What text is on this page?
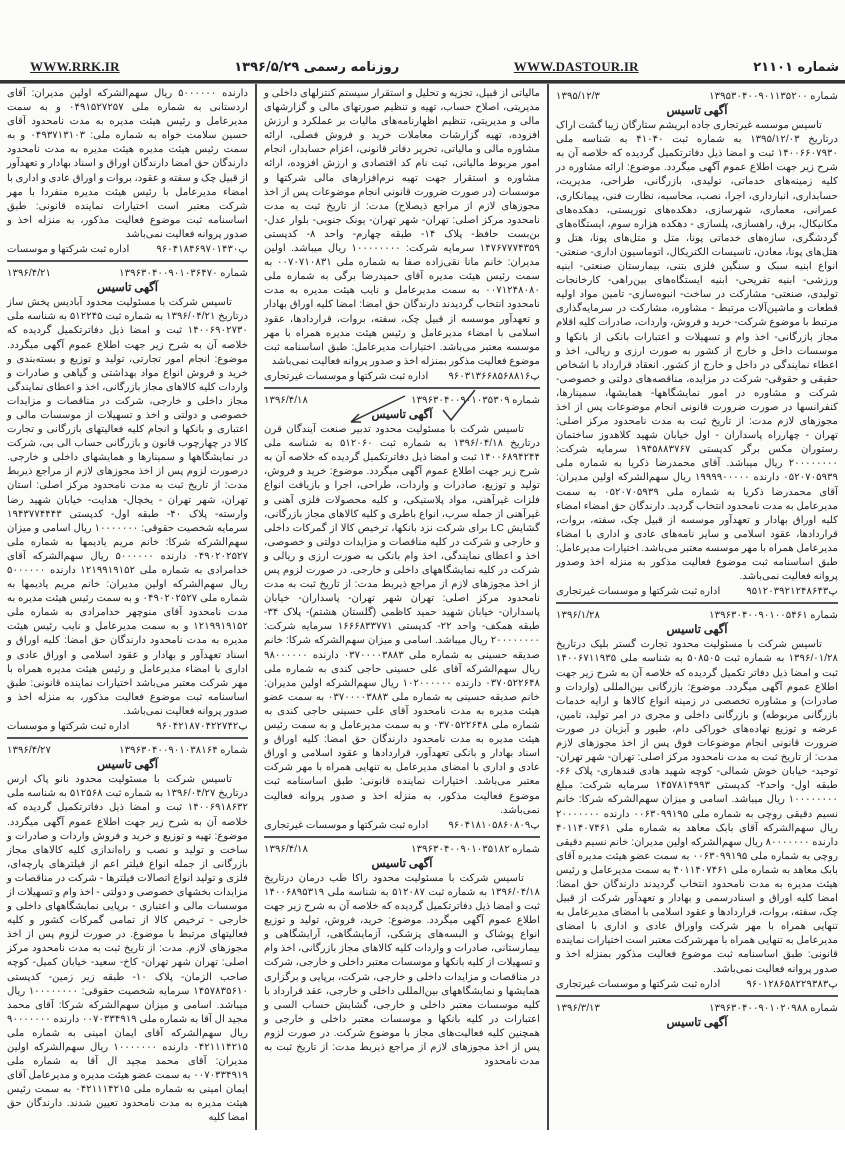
شماره ۲۱۱۰۱
WWW.DASTOUR.IR
روزنامه رسمی ۱۳۹۶/۵/۲۹
WWW.RRK.IR
شماره ۱۳۹۵۳۰۴۰۰۹۰۱۱۳۵۲۰۰
۱۳۹۵/۱۲/۳
آگهی تاسیس
تاسیس موسسه غیرتجاری جاده ابریشم ستارگان زیبا گشت اراک درتاریخ ۱۳۹۵/۱۲/۰۳ به شماره ثبت ۴۱۰۴۰ به شناسه ملی ۱۴۰۰۶۶۰۷۹۳۰ ثبت و امضا ذیل دفاترتکمیل گردیده که خلاصه آن به شرح زیر جهت اطلاع عموم آگهی میگردد. موضوع: ارائه مشاوره در کلیه زمینه‌های خدماتی، تولیدی، بازرگانی، طراحی، مدیریت، حسابداری، انبارداری، اجرا، نصب، محاسبه، نظارت فنی، پیمانکاری، عمرانی، معماری، شهرسازی، دهکده‌های توریستی، دهکده‌های مکانیکال، برق، راهسازی، پلسازی - دهکده هزاره سوم، ایستگاه‌های گردشگری، سازه‌های خدماتی پونا، متل و متل‌های پونا، هتل و هتل‌های پونا، معادن، تاسیسات الکتریکال، اتوماسیون اداری- صنعتی- انواع ابنیه سبک و سنگین فلزی بتنی، بیمارستان صنعتی- ابنیه ورزشی- ابنیه تفریحی- ابنیه ایستگاه‌های بین‌راهی- کارخانجات تولیدی، صنعتی- مشارکت در ساخت- انبوه‌سازی- تامین مواد اولیه قطعات و ماشین‌آلات مرتبط - مشاوره، مشارکت در سرمایه‌گذاری مرتبط با موضوع شرکت- خرید و فروش، واردات، صادرات کلیه اقلام مجاز بازرگانی- اخذ وام و تسهیلات و اعتبارات بانکی از بانکها و موسسات داخل و خارج از کشور به صورت ارزی و ریالی، اخذ و اعطاء نمایندگی در داخل و خارج از کشور. انعقاد قرارداد با اشخاص حقیقی و حقوقی- شرکت در مزایده، مناقصه‌های دولتی و خصوصی- شرکت و مشاوره در امور نمایشگاهها- همایشها، سمینارها، کنفرانسها در صورت ضرورت قانونی انجام موضوعات پس از اخذ مجوزهای لازم مدت: از تاریخ ثبت به مدت نامحدود مرکز اصلی: تهران - چهارراه پاسداران - اول خیابان شهید کلاهدوز ساختمان رستوران مکس برگر کدپستی ۱۹۴۵۸۸۳۷۶۷ سرمایه شرکت: ۲۰۰۰۰۰۰۰۰ ریال میباشد. آقای محمدرضا ذکریا به شماره ملی ۰۵۲۰۷۰۵۹۳۹ دارنده ۱۹۹۹۹۰۰۰۰۰ ریال سهم‌الشرکه اولین مدیران: آقای محمدرضا ذکریا به شماره ملی ۰۵۲۰۷۰۵۹۳۹ به سمت مدیرعامل به مدت نامحدود انتخاب گردید. دارندگان حق امضاء امضاء کلیه اوراق بهادار و تعهدآور موسسه از قبیل چک، سفته، بروات، قراردادها، عقود اسلامی و سایر نامه‌های عادی و اداری با امضاء مدیرعامل همراه با مهر موسسه معتبر می‌باشد. اختیارات مدیرعامل: طبق اساسنامه ثبت موضوع فعالیت مذکور به منزله اخذ وصدور پروانه فعالیت نمی‌باشد.
پ۹۵۱۲۰۳۹۲۱۲۴۸۶۴۳
اداره ثبت شرکتها و موسسات غیرتجاری
شماره ۱۳۹۶۳۰۴۰۰۹۰۱۰۰۵۴۶۱
۱۳۹۶/۱/۲۸
آگهی تاسیس
تاسیس شرکت با مسئولیت محدود تجارت گستر بلیک درتاریخ ۱۳۹۶/۰۱/۲۸ به شماره ثبت ۵۰۸۵۰۵ به شناسه ملی ۱۴۰۰۶۷۱۱۹۳۵ ثبت و امضا ذیل دفاتر تکمیل گردیده که خلاصه آن به شرح زیر جهت اطلاع عموم آگهی میگردد. موضوع: بازرگانی بین‌المللی (واردات و صادرات) و مشاوره تخصصی در زمینه انواع کالاها و ارایه خدمات بازرگانی مربوطه) و بازرگانی داخلی و مجری در امر تولید، تامین، عرضه و توزیع نهاده‌های خوراکی دام، طیور و آبزیان در صورت ضرورت قانونی انجام موضوعات فوق پس از اخذ مجوزهای لازم مدت: از تاریخ ثبت به مدت نامحدود مرکز اصلی: تهران- شهر تهران- توحید- خیابان خوش شمالی- کوچه شهید هادی قندهاری- پلاک ۶۶- طبقه اول- واحد۲- کدپستی ۱۴۵۷۸۱۴۹۹۳ سرمایه شرکت: مبلغ ۱۰۰۰۰۰۰۰۰ ریال میباشد. اسامی و میزان سهم‌الشرکه شرکا: خانم نسیم دقیقی روچی به شماره ملی ۰۰۶۳۰۹۹۱۹۵ دارنده ۲۰۰۰۰۰۰۰ ریال سهم‌الشرکه آقای بابک معاهد به شماره ملی ۴۰۱۱۴۰۷۴۶۱ دارنده ۸۰۰۰۰۰۰۰ ریال سهم‌الشرکه اولین مدیران: خانم نسیم دقیقی روچی به شماره ملی ۰۰۶۳۰۹۹۱۹۵ به سمت عضو هیئت مدیره آقای بابک معاهد به شماره ملی ۴۰۱۱۴۰۷۴۶۱ به سمت مدیرعامل و رئیس هیئت مدیره به مدت نامحدود انتخاب گردیدند دارندگان حق امضا: امضا کلیه اوراق و اسنادرسمی و بهادار و تعهدآور شرکت از قبیل چک، سفته، بروات، قراردادها و عقود اسلامی با امضای مدیرعامل به تنهایی همراه با مهر شرکت واوراق عادی و اداری با امضای مدیرعامل به تنهایی همراه با مهرشرکت معتبر است اختیارات نماینده قانونی: طبق اساسنامه ثبت موضوع فعالیت مذکور بمنزله اخذ و صدور پروانه فعالیت نمی‌باشد.
پ۹۶۰۱۲۸۶۵۸۲۲۹۳۸۳
اداره ثبت شرکتها و موسسات غیرتجاری
شماره ۱۳۹۶۳۰۴۰۰۹۰۱۰۲۰۹۸۸
۱۳۹۶/۳/۱۳
آگهی تاسیس
مالیاتی از قبیل، تجزیه و تحلیل و استقرار سیستم کنترلهای داخلی و مدیریتی، اصلاح حساب، تهیه و تنظیم صورتهای مالی و گزارشهای مالی و مدیریتی، تنظیم اظهارنامه‌های مالیات بر عملکرد و ارزش افزوده، تهیه گزارشات معاملات خرید و فروش فصلی، ارائه مشاوره مالی و مالیاتی، تحریر دفاتر قانونی، اعزام حسابدار، انجام امور مربوط مالیاتی، ثبت نام کد اقتصادی و ارزش افزوده، ارائه مشاوره و استقرار جهت تهیه نرم‌افزارهای مالی شرکتها و موسسات (در صورت ضرورت قانونی انجام موضوعات پس از اخذ مجوزهای لازم از مراجع ذیصلاح) مدت: از تاریخ ثبت به مدت نامحدود مرکز اصلی: تهران- شهر تهران- یونک جنوبی- بلوار عدل- بن‌بست حافظ- پلاک ۱۴- طبقه چهارم- واحد ۸- کدپستی ۱۴۷۶۷۷۷۴۳۵۹ سرمایه شرکت: ۱۰۰۰۰۰۰۰۰ ریال میباشد. اولین مدیران: خانم مانا نقی‌زاده صفا به شماره ملی ۰۰۷۰۷۱۰۸۳۱ به سمت رئیس هیئت مدیره آقای حمیدرضا برگی به شماره ملی ۰۰۷۱۲۴۸۰۸۰ به سمت مدیرعامل و نایب هیئت مدیره به مدت نامحدود انتخاب گردیدند دارندگان حق امضا: امضا کلیه اوراق بهادار و تعهدآور موسسه از قبیل چک، سفته، بروات، قراردادها، عقود اسلامی با امضاء مدیرعامل و رئیس هیئت مدیره همراه با مهر موسسه معتبر می‌باشد. اختیارات مدیرعامل: طبق اساسنامه ثبت موضوع فعالیت مذکور بمنزله اخذ و صدور پروانه فعالیت نمی‌باشد
پ۹۶۰۳۱۳۶۶۸۵۶۸۸۱۶
اداره ثبت شرکتها و موسسات غیرتجاری
شماره ۱۳۹۶۳۰۴۰۰۹۰۱۰۳۵۳۰۹
۱۳۹۶/۴/۱۸
آگهی تاسیس
تاسیس شرکت با مسئولیت محدود تدبیر صنعت آیندگان قرن درتاریخ ۱۳۹۶/۰۴/۱۸ به شماره ثبت ۵۱۲۰۶۰ به شناسه ملی ۱۴۰۰۶۸۹۴۲۴۴ ثبت و امضا ذیل دفاترتکمیل گردیده که خلاصه آن به شرح زیر جهت اطلاع عموم آگهی میگردد. موضوع: خرید و فروش، تولید و توزیع، صادرات و واردات، طراحی، اجرا و بازیافت انواع فلزات غیرآهنی، مواد پلاستیکی، و کلیه محصولات فلزی آهنی و غیرآهنی از جمله سرب، انواع باطری و کلیه کالاهای مجاز بازرگانی، گشایش LC برای شرکت نزد بانکها، ترخیص کالا از گمرکات داخلی و خارجی و شرکت در کلیه مناقصات و مزایدات دولتی و خصوصی، اخذ و اعطای نمایندگی، اخذ وام بانکی به صورت ارزی و ریالی و شرکت در کلیه نمایشگاههای داخلی و خارجی. در صورت لزوم پس از اخذ مجوزهای لازم از مراجع ذیربط مدت: از تاریخ ثبت به مدت نامحدود مرکز اصلی: تهران شهر تهران- پاسداران- خیابان پاسداران- خیابان شهید حمید کاظمی (گلستان هشتم)- پلاک ۳۴- طبقه همکف- واحد ۲۲- کدپستی ۱۶۶۶۸۳۳۷۷۱ سرمایه شرکت: ۲۰۰۰۰۰۰۰۰ ریال میباشد. اسامی و میزان سهم‌الشرکه شرکا: خانم صدیقه حسینی به شماره ملی ۰۳۷۰۰۰۰۳۸۸۳ دارنده ۹۸۰۰۰۰۰۰ ریال سهم‌الشرکه آقای علی حسینی حاجی کندی به شماره ملی ۰۳۷۰۵۲۲۶۴۸ دارنده ۱۰۲۰۰۰۰۰۰ ریال سهم‌الشرکه اولین مدیران: خانم صدیقه حسینی به شماره ملی ۰۳۷۰۰۰۰۳۸۸۳ به سمت عضو هیئت مدیره به مدت نامحدود آقای علی حسینی حاجی کندی به شماره ملی ۰۳۷۰۵۲۲۶۴۸ و به سمت مدیرعامل و به سمت رئیس هیئت مدیره به مدت نامحدود دارندگان حق امضا: کلیه اوراق و اسناد بهادار و بانکی تعهدآور، قراردادها و عقود اسلامی و اوراق عادی و اداری با امضای مدیرعامل به تنهایی همراه با مهر شرکت معتبر می‌باشد. اختیارات نماینده قانونی: طبق اساسنامه ثبت موضوع فعالیت مذکور، به منزله اخذ و صدور پروانه فعالیت نمی‌باشد.
پ۹۶۰۴۱۸۱۰۵۸۶۰۸۰۹
اداره ثبت شرکتها و موسسات غیرتجاری
شماره ۱۳۹۶۳۰۴۰۰۹۰۱۰۳۵۱۸۲
۱۳۹۶/۴/۱۸
آگهی تاسیس
تاسیس شرکت با مسئولیت محدود راکا طب درمان درتاریخ ۱۳۹۶/۰۴/۱۸ به شماره ثبت ۵۱۲۰۸۷ به شناسه ملی ۱۴۰۰۶۸۹۵۳۱۹ ثبت و امضا ذیل دفاترتکمیل گردیده که خلاصه آن به شرح زیر جهت اطلاع عموم آگهی میگردد. موضوع: خرید، فروش، تولید و توزیع انواع پوشاک و البسه‌های پزشکی، آزمایشگاهی، آرایشگاهی و بیمارستانی، صادرات و واردات کلیه کالاهای مجاز بازرگانی، اخذ وام و تسهیلات از کلیه بانکها و موسسات معتبر داخلی و خارجی، شرکت در مناقصات و مزایدات داخلی و خارجی، شرکت، برپایی و برگزاری همایشها و نمایشگاههای بین‌المللی داخلی و خارجی، عقد قرارداد با کلیه موسسات معتبر داخلی و خارجی، گشایش حساب السی و اعتبارات در کلیه بانکها و موسسات معتبر داخلی و خارجی و همچنین کلیه فعالیت‌های مجاز با موضوع شرکت. در صورت لزوم پس از اخذ مجوزهای لازم از مراجع ذیربط مدت: از تاریخ ثبت به مدت نامحدود
دارنده ۵۰۰۰۰۰۰ ریال سهم‌الشرکه اولین مدیران: آقای اردستانی به شماره ملی ۰۴۹۱۵۲۷۲۵۷ و به سمت مدیرعامل و رئیس هیئت مدیره به مدت نامحدود آقای حسین سلامت خواه به شماره ملی: ۰۴۹۳۷۱۳۱۰۳ و به سمت رئیس هیئت مدیره هیئت مدیره به مدت نامحدود دارندگان حق امضا دارندگان اوراق و اسناد بهادار و تعهدآور از قبیل چک و سفته و عقود، بروات و اوراق عادی و اداری با امضاء مدیرعامل با رئیس هیئت مدیره منفردا با مهر شرکت معتبر است اختیارات نماینده قانونی: طبق اساسنامه ثبت موضوع فعالیت مذکور، به منزله اخذ و صدور پروانه فعالیت نمی‌باشد
پ۹۶۰۴۱۸۴۶۹۷۰۱۴۳۰
اداره ثبت شرکتها و موسسات
شماره ۱۳۹۶۳۰۴۰۰۹۰۱۰۳۶۴۷۰
۱۳۹۶/۴/۲۱
آگهی تاسیس
تاسیس شرکت با مسئولیت محدود آبادیس پخش ساز درتاریخ ۱۳۹۶/۰۴/۲۱ به شماره ثبت ۵۱۲۲۴۵ به شناسه ملی ۱۴۰۰۶۹۰۲۷۳۰ ثبت و امضا ذیل دفاترتکمیل گردیده که خلاصه آن به شرح زیر جهت اطلاع عموم آگهی میگردد. موضوع: انجام امور تجارتی، تولید و توزیع و بسته‌بندی و خرید و فروش انواع مواد بهداشتی و گیاهی و صادرات و واردات کلیه کالاهای مجاز بازرگانی، اخذ و اعطای نمایندگی مجاز داخلی و خارجی، شرکت در مناقصات و مزایدات خصوصی و دولتی و اخذ و تسهیلات از موسسات مالی و اعتباری و بانکها و انجام کلیه فعالیتهای بازرگانی و تجارت کالا در چهارچوب قانون و بازرگانی حساب الی بی، شرکت در نمایشگاهها و سمینارها و همایشهای داخلی و خارجی. درصورت لزوم پس از اخذ مجوزهای لازم از مراجع ذیربط مدت: از تاریخ ثبت به مدت نامحدود مرکز اصلی: استان تهران، شهر تهران - یخچال- هدایت- خیابان شهید رضا وارسته- پلاک ۴۰- طبقه اول- کدپستی ۱۹۴۳۷۷۴۴۴۳ سرمایه شخصیت حقوقی: ۱۰۰۰۰۰۰۰ ریال اسامی و میزان سهم‌الشرکه شرکا: خانم مریم یادیمها به شماره ملی ۰۴۹۰۲۰۲۵۲۷ دارنده ۵۰۰۰۰۰۰ ریال سهم‌الشرکه آقای خدامرادی به شماره ملی ۱۲۱۹۹۱۹۱۵۲ دارنده ۵۰۰۰۰۰۰ ریال سهم‌الشرکه اولین مدیران: خانم مریم یادیمها به شماره ملی ۰۴۹۰۲۰۲۵۲۷ و به سمت رئیس هیئت مدیره به مدت نامحدود آقای منوچهر خدامرادی به شماره ملی ۱۲۱۹۹۱۹۱۵۲ و به سمت مدیرعامل و نایب رئیس هیئت مدیره به مدت نامحدود دارندگان حق امضا: کلیه اوراق و اسناد تعهدآور و بهادار و عقود اسلامی و اوراق عادی و اداری با امضاء مدیرعامل و رئیس هیئت مدیره همراه با مهر شرکت معتبر می‌باشد اختیارات نماینده قانونی: طبق اساسنامه ثبت موضوع فعالیت مذکور، به منزله اخذ و صدور پروانه فعالیت نمی‌باشد.
پ۹۶۰۴۲۱۸۷۰۴۲۲۷۴۲
اداره ثبت شرکتها و موسسات
شماره ۱۳۹۶۳۰۴۰۰۹۰۱۰۳۸۱۶۴
۱۳۹۶/۴/۲۷
آگهی تاسیس
تاسیس شرکت با مسئولیت محدود نانو پاک ارس درتاریخ ۱۳۹۶/۰۴/۲۷ به شماره ثبت ۵۱۲۵۶۸ به شناسه ملی ۱۴۰۰۶۹۱۸۶۳۲ ثبت و امضا ذیل دفاترتکمیل گردیده که خلاصه آن به شرح زیر جهت اطلاع عموم آگهی میگردد. موضوع: تهیه و توزیع و خرید و فروش واردات و صادرات و ساخت و تولید و نصب و راه‌اندازی کلیه کالاهای مجاز بازرگانی از جمله انواع فیلتر اعم از فیلترهای پارچه‌ای، فلزی و تولید انواع اتصالات فیلترها - شرکت در مناقصات و مزایدات بخشهای خصوصی و دولتی - اخذ وام و تسهیلات از موسسات مالی و اعتباری - برپایی نمایشگاههای داخلی و خارجی - ترخیص کالا از تمامی گمرکات کشور و کلیه فعالیتهای مرتبط با موضوع. در صورت لزوم پس از اخذ مجوزهای لازم. مدت: از تاریخ ثبت به مدت نامحدود مرکز اصلی: تهران شهر تهران- کاخ- سعید- خیابان کمیل- کوچه صاحب الزمان- پلاک ۱۰- طبقه زیر زمین- کدپستی ۱۴۵۷۸۳۵۶۱۰ سرمایه شخصیت حقوقی: ۱۰۰۰۰۰۰۰۰ ریال میباشد. اسامی و میزان سهم‌الشرکه شرکا: آقای محمد مجید ال آقا به شماره ملی ۰۰۷۰۳۳۴۹۱۹ دارنده ۹۰۰۰۰۰۰۰ ریال سهم‌الشرکه آقای ایمان امینی به شماره ملی ۰۴۲۱۱۱۴۲۱۵ دارنده ۱۰۰۰۰۰۰۰ ریال سهم‌الشرکه اولین مدیران: آقای محمد مجید ال آقا به شماره ملی ۰۰۷۰۳۳۴۹۱۹ به سمت عضو هیئت مدیره و مدیرعامل آقای ایمان امینی به شماره ملی ۰۴۲۱۱۱۴۲۱۵ به سمت رئیس هیئت مدیره به مدت نامحدود تعیین شدند. دارندگان حق امضا کلیه
